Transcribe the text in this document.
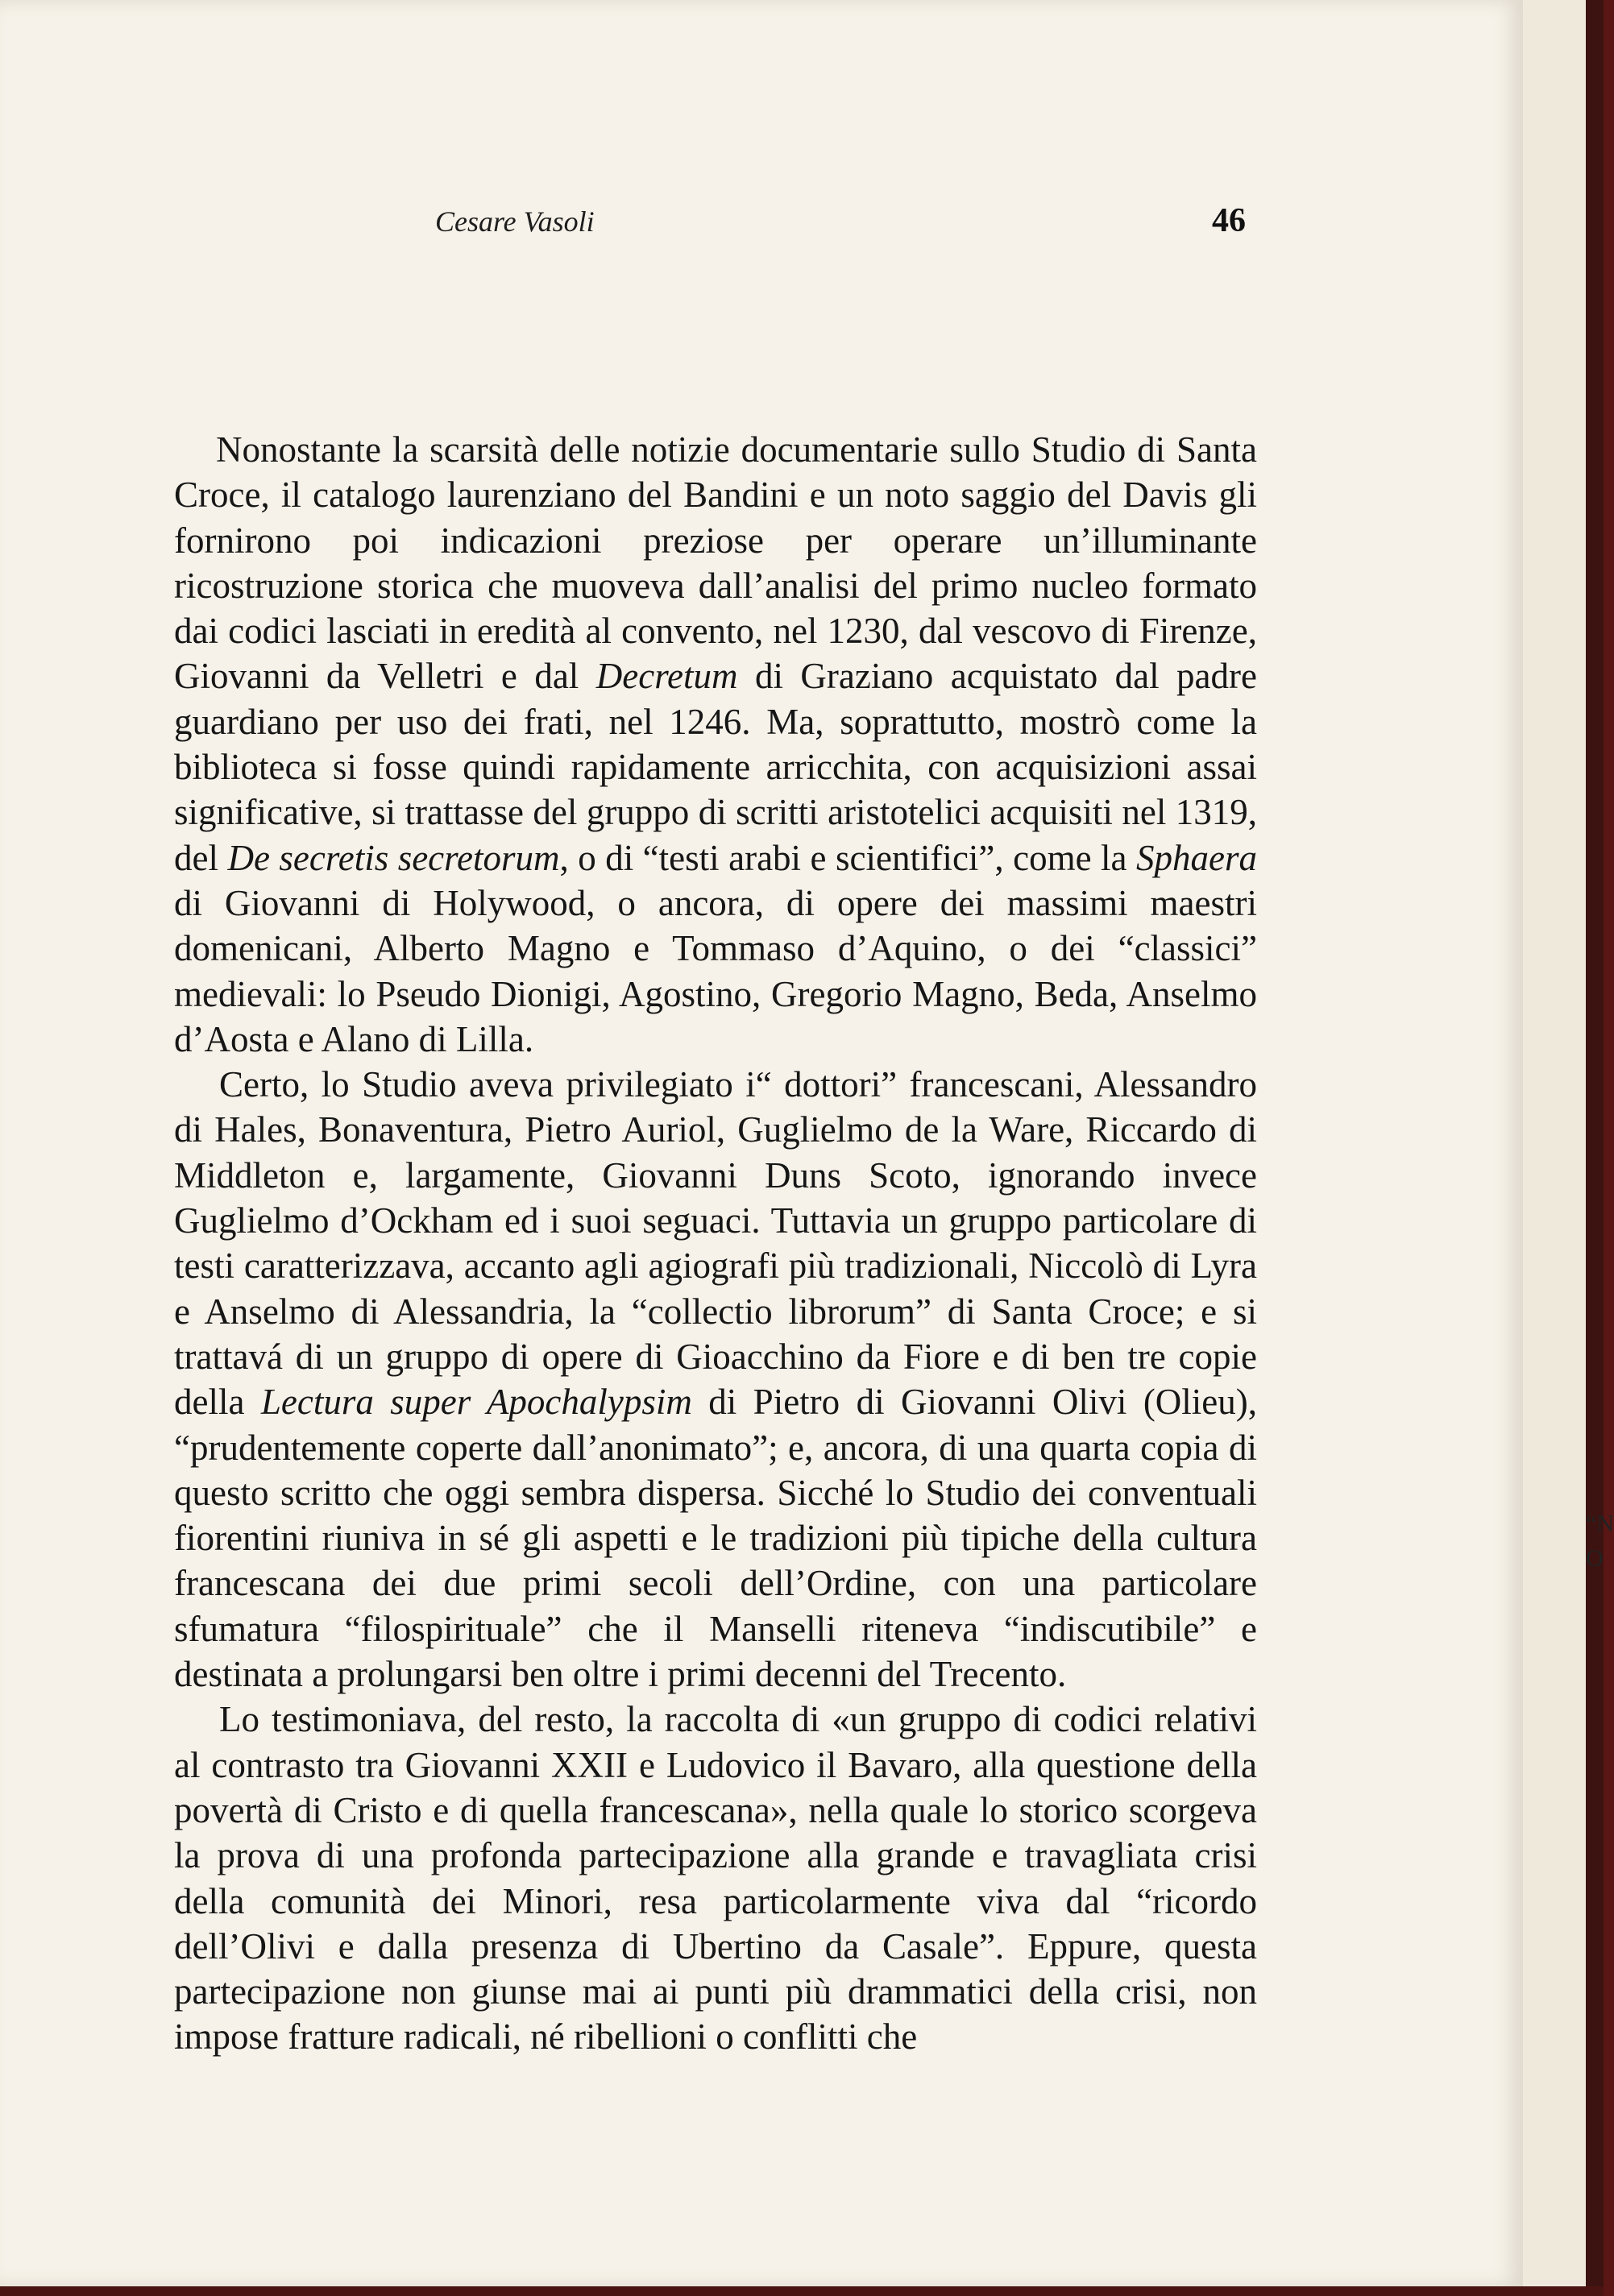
Cesare Vasoli	46

Nonostante la scarsità delle notizie documentarie sullo Studio di Santa Croce, il catalogo laurenziano del Bandini e un noto saggio del Davis gli fornirono poi indicazioni preziose per operare un’illuminante ricostruzione storica che muoveva dall’analisi del primo nucleo formato dai codici lasciati in eredità al convento, nel 1230, dal vescovo di Firenze, Giovanni da Velletri e dal Decretum di Graziano acquistato dal padre guardiano per uso dei frati, nel 1246. Ma, soprattutto, mostrò come la biblioteca si fosse quindi rapidamente arricchita, con acquisizioni assai significative, si trattasse del gruppo di scritti aristotelici acquisiti nel 1319, del De secretis secretorum, o di “testi arabi e scientifici”, come la Sphaera di Giovanni di Holywood, o ancora, di opere dei massimi maestri domenicani, Alberto Magno e Tommaso d’Aquino, o dei “classici” medievali: lo Pseudo Dionigi, Agostino, Gregorio Magno, Beda, Anselmo d’Aosta e Alano di Lilla.

Certo, lo Studio aveva privilegiato i“ dottori” francescani, Alessandro di Hales, Bonaventura, Pietro Auriol, Guglielmo de la Ware, Riccardo di Middleton e, largamente, Giovanni Duns Scoto, ignorando invece Guglielmo d’Ockham ed i suoi seguaci. Tuttavia un gruppo particolare di testi caratterizzava, accanto agli agiografi più tradizionali, Niccolò di Lyra e Anselmo di Alessandria, la “collectio librorum” di Santa Croce; e si trattavá di un gruppo di opere di Gioacchino da Fiore e di ben tre copie della Lectura super Apochalypsim di Pietro di Giovanni Olivi (Olieu), “prudentemente coperte dall’anonimato”; e, ancora, di una quarta copia di questo scritto che oggi sembra dispersa. Sicché lo Studio dei conventuali fiorentini riuniva in sé gli aspetti e le tradizioni più tipiche della cultura francescana dei due primi secoli dell’Ordine, con una particolare sfumatura “filospirituale” che il Manselli riteneva “indiscutibile” e destinata a prolungarsi ben oltre i primi decenni del Trecento.

Lo testimoniava, del resto, la raccolta di «un gruppo di codici relativi al contrasto tra Giovanni XXII e Ludovico il Bavaro, alla questione della povertà di Cristo e di quella francescana», nella quale lo storico scorgeva la prova di una profonda partecipazione alla grande e travagliata crisi della comunità dei Minori, resa particolarmente viva dal “ricordo dell’Olivi e dalla presenza di Ubertino da Casale”. Eppure, questa partecipazione non giunse mai ai punti più drammatici della crisi, non impose fratture radicali, né ribellioni o conflitti che

“N
O
